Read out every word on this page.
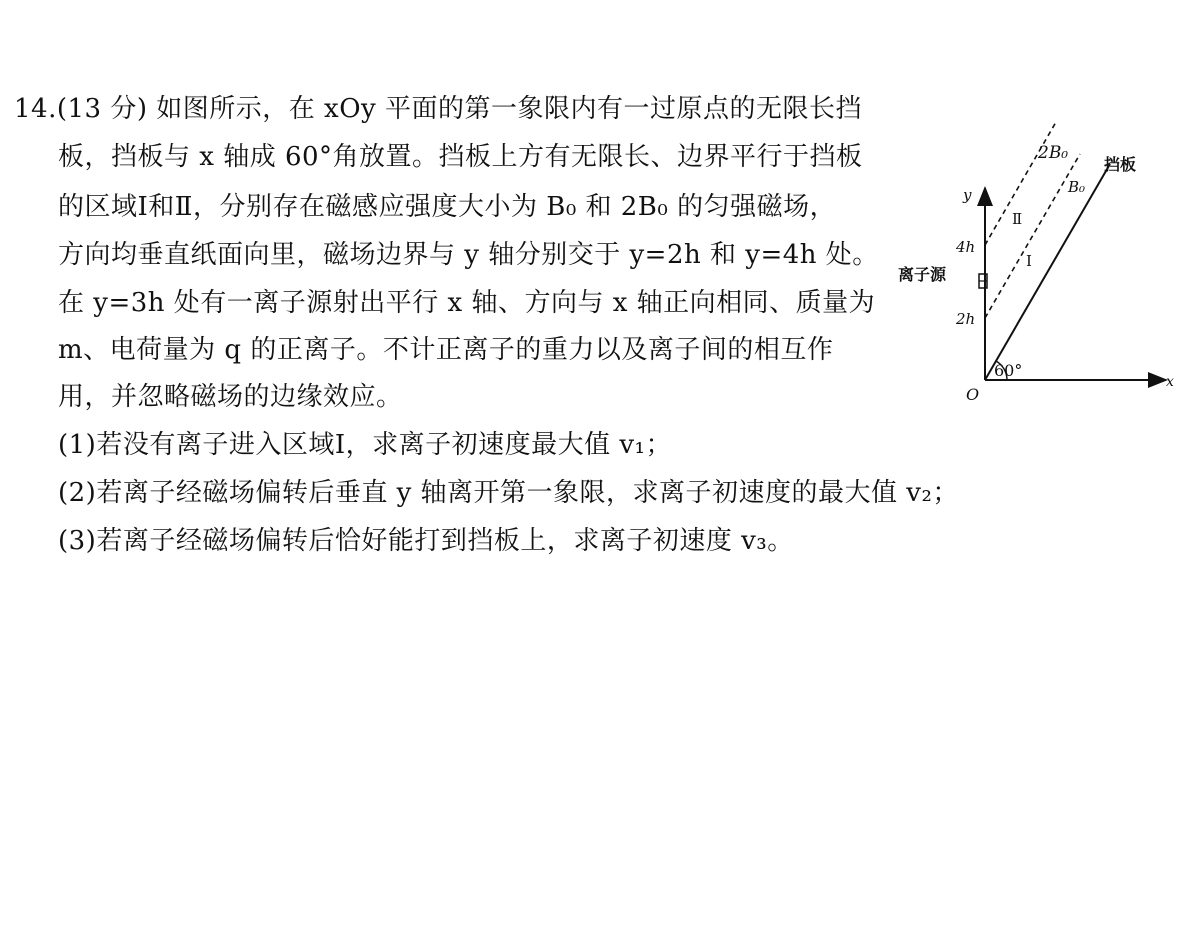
14.(13 分) 如图所示，在 xOy 平面的第一象限内有一过原点的无限长挡
板，挡板与 x 轴成 60°角放置。挡板上方有无限长、边界平行于挡板
的区域Ⅰ和Ⅱ，分别存在磁感应强度大小为 B₀ 和 2B₀ 的匀强磁场，
方向均垂直纸面向里，磁场边界与 y 轴分别交于 y=2h 和 y=4h 处。
在 y=3h 处有一离子源射出平行 x 轴、方向与 x 轴正向相同、质量为
m、电荷量为 q 的正离子。不计正离子的重力以及离子间的相互作
用，并忽略磁场的边缘效应。
(1)若没有离子进入区域Ⅰ，求离子初速度最大值 v₁；
(2)若离子经磁场偏转后垂直 y 轴离开第一象限，求离子初速度的最大值 v₂；
(3)若离子经磁场偏转后恰好能打到挡板上，求离子初速度 v₃。
2B₀
B₀
挡板
y
x
O
4h
2h
离子源
Ⅱ
Ⅰ
60°
